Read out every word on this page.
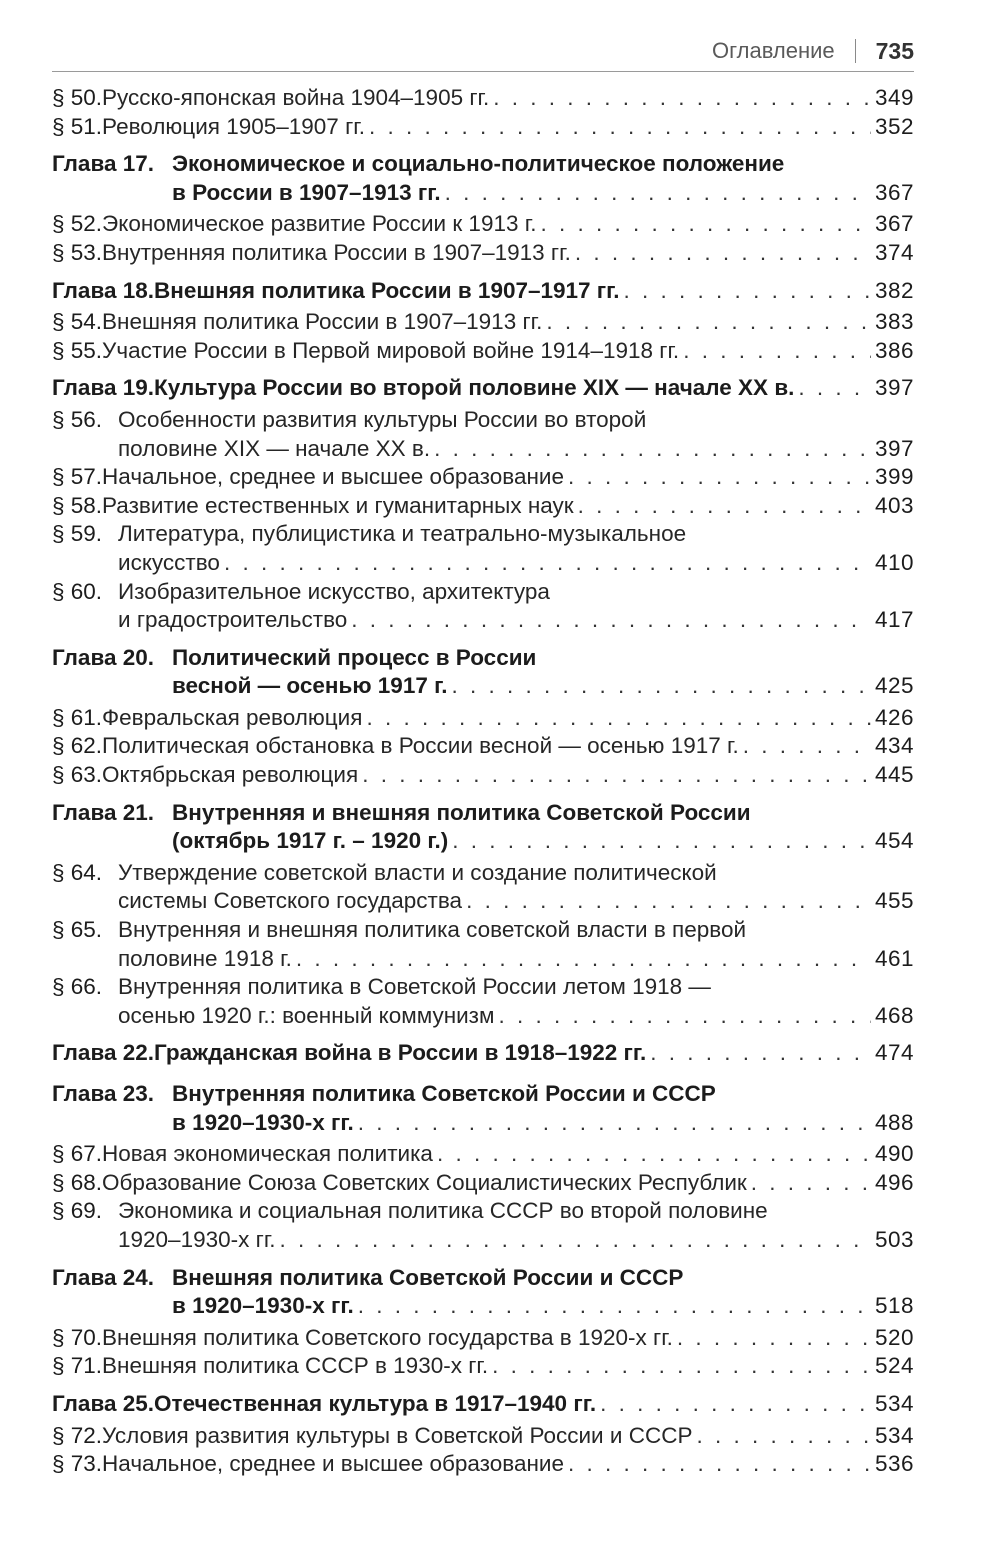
Оглавление 735
§ 50. Русско-японская война 1904–1905 гг. . . .	349
§ 51. Революция 1905–1907 гг. . . .	352
Глава 17. Экономическое и социально-политическое положение
в России в 1907–1913 гг. . . .	367
§ 52. Экономическое развитие России к 1913 г. . . .	367
§ 53. Внутренняя политика России в 1907–1913 гг. . . .	374
Глава 18. Внешняя политика России в 1907–1917 гг. . . .	382
§ 54. Внешняя политика России в 1907–1913 гг. . . .	383
§ 55. Участие России в Первой мировой войне 1914–1918 гг. . . .	386
Глава 19. Культура России во второй половине XIX — начале XX в. . . .	397
§ 56. Особенности развития культуры России во второй
половине XIX — начале XX в. . . .	397
§ 57. Начальное, среднее и высшее образование . . .	399
§ 58. Развитие естественных и гуманитарных наук . . .	403
§ 59. Литература, публицистика и театрально-музыкальное
искусство . . .	410
§ 60. Изобразительное искусство, архитектура
и градостроительство . . .	417
Глава 20. Политический процесс в России
весной — осенью 1917 г. . . .	425
§ 61. Февральская революция . . .	426
§ 62. Политическая обстановка в России весной — осенью 1917 г. . . .	434
§ 63. Октябрьская революция . . .	445
Глава 21. Внутренняя и внешняя политика Советской России
(октябрь 1917 г. – 1920 г.) . . .	454
§ 64. Утверждение советской власти и создание политической
системы Советского государства . . .	455
§ 65. Внутренняя и внешняя политика советской власти в первой
половине 1918 г. . . .	461
§ 66. Внутренняя политика в Советской России летом 1918 —
осенью 1920 г.: военный коммунизм . . .	468
Глава 22. Гражданская война в России в 1918–1922 гг. . . .	474
Глава 23. Внутренняя политика Советской России и СССР
в 1920–1930-х гг. . . .	488
§ 67. Новая экономическая политика . . .	490
§ 68. Образование Союза Советских Социалистических Республик . . .	496
§ 69. Экономика и социальная политика СССР во второй половине
1920–1930-х гг. . . .	503
Глава 24. Внешняя политика Советской России и СССР
в 1920–1930-х гг. . . .	518
§ 70. Внешняя политика Советского государства в 1920-х гг. . . .	520
§ 71. Внешняя политика СССР в 1930-х гг. . . .	524
Глава 25. Отечественная культура в 1917–1940 гг. . . .	534
§ 72. Условия развития культуры в Советской России и СССР . . .	534
§ 73. Начальное, среднее и высшее образование . . .	536
